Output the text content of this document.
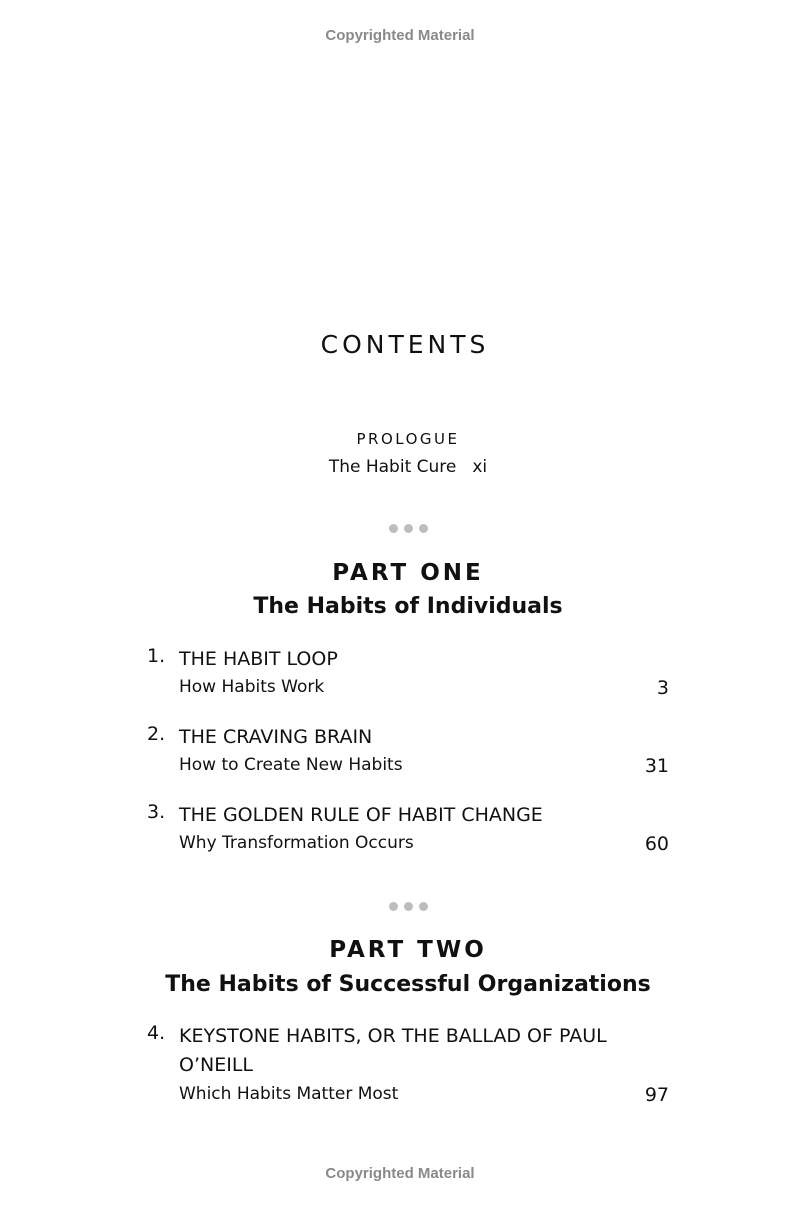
Copyrighted Material
CONTENTS
PROLOGUE
The Habit Cure xi
PART ONE
The Habits of Individuals
1. THE HABIT LOOP
How Habits Work	3
2. THE CRAVING BRAIN
How to Create New Habits	31
3. THE GOLDEN RULE OF HABIT CHANGE
Why Transformation Occurs	60
PART TWO
The Habits of Successful Organizations
4. KEYSTONE HABITS, OR THE BALLAD OF PAUL O’NEILL
Which Habits Matter Most	97
Copyrighted Material
